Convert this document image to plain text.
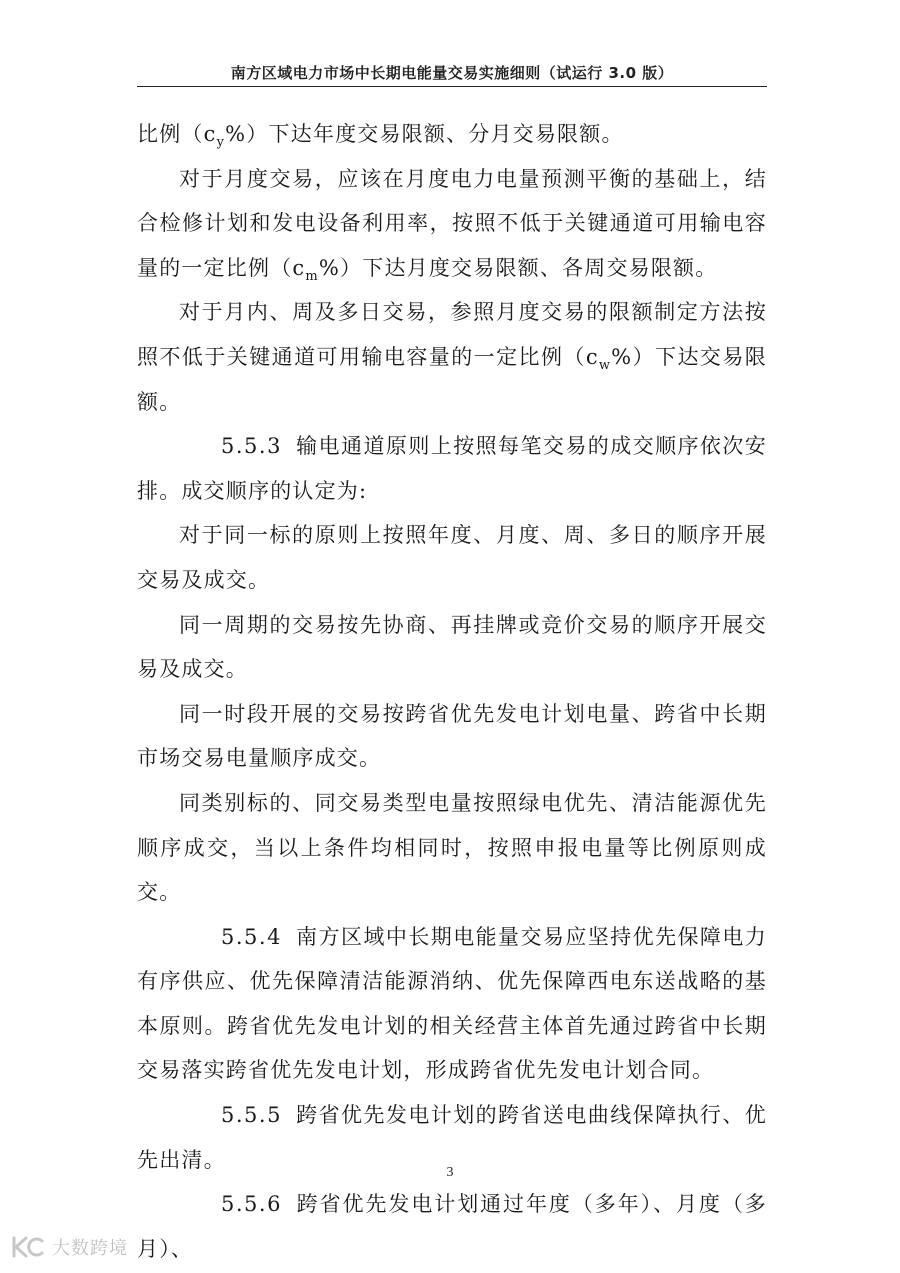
南方区域电力市场中长期电能量交易实施细则（试运行 3.0 版）

比例$(c_y\%)$下达年度交易限额、分月交易限额。

对于月度交易，应该在月度电力电量预测平衡的基础上，结合检修计划和发电设备利用率，按照不低于关键通道可用输电容量的一定比例$(c_m\%)$下达月度交易限额、各周交易限额。

对于月内、周及多日交易，参照月度交易的限额制定方法按照不低于关键通道可用输电容量的一定比例$(c_w\%)$下达交易限额。

5.5.3 输电通道原则上按照每笔交易的成交顺序依次安排。成交顺序的认定为:

对于同一标的原则上按照年度、月度、周、多日的顺序开展交易及成交。

同一周期的交易按先协商、再挂牌或竞价交易的顺序开展交易及成交。

同一时段开展的交易按跨省优先发电计划电量、跨省中长期市场交易电量顺序成交。

同类别标的、同交易类型电量按照绿电优先、清洁能源优先顺序成交，当以上条件均相同时，按照申报电量等比例原则成交。

5.5.4 南方区域中长期电能量交易应坚持优先保障电力有序供应、优先保障清洁能源消纳、优先保障西电东送战略的基本原则。跨省优先发电计划的相关经营主体首先通过跨省中长期交易落实跨省优先发电计划，形成跨省优先发电计划合同。

5.5.5 跨省优先发电计划的跨省送电曲线保障执行、优先出清。

5.5.6 跨省优先发电计划通过年度（多年）、月度（多月）、

3
大数跨境
